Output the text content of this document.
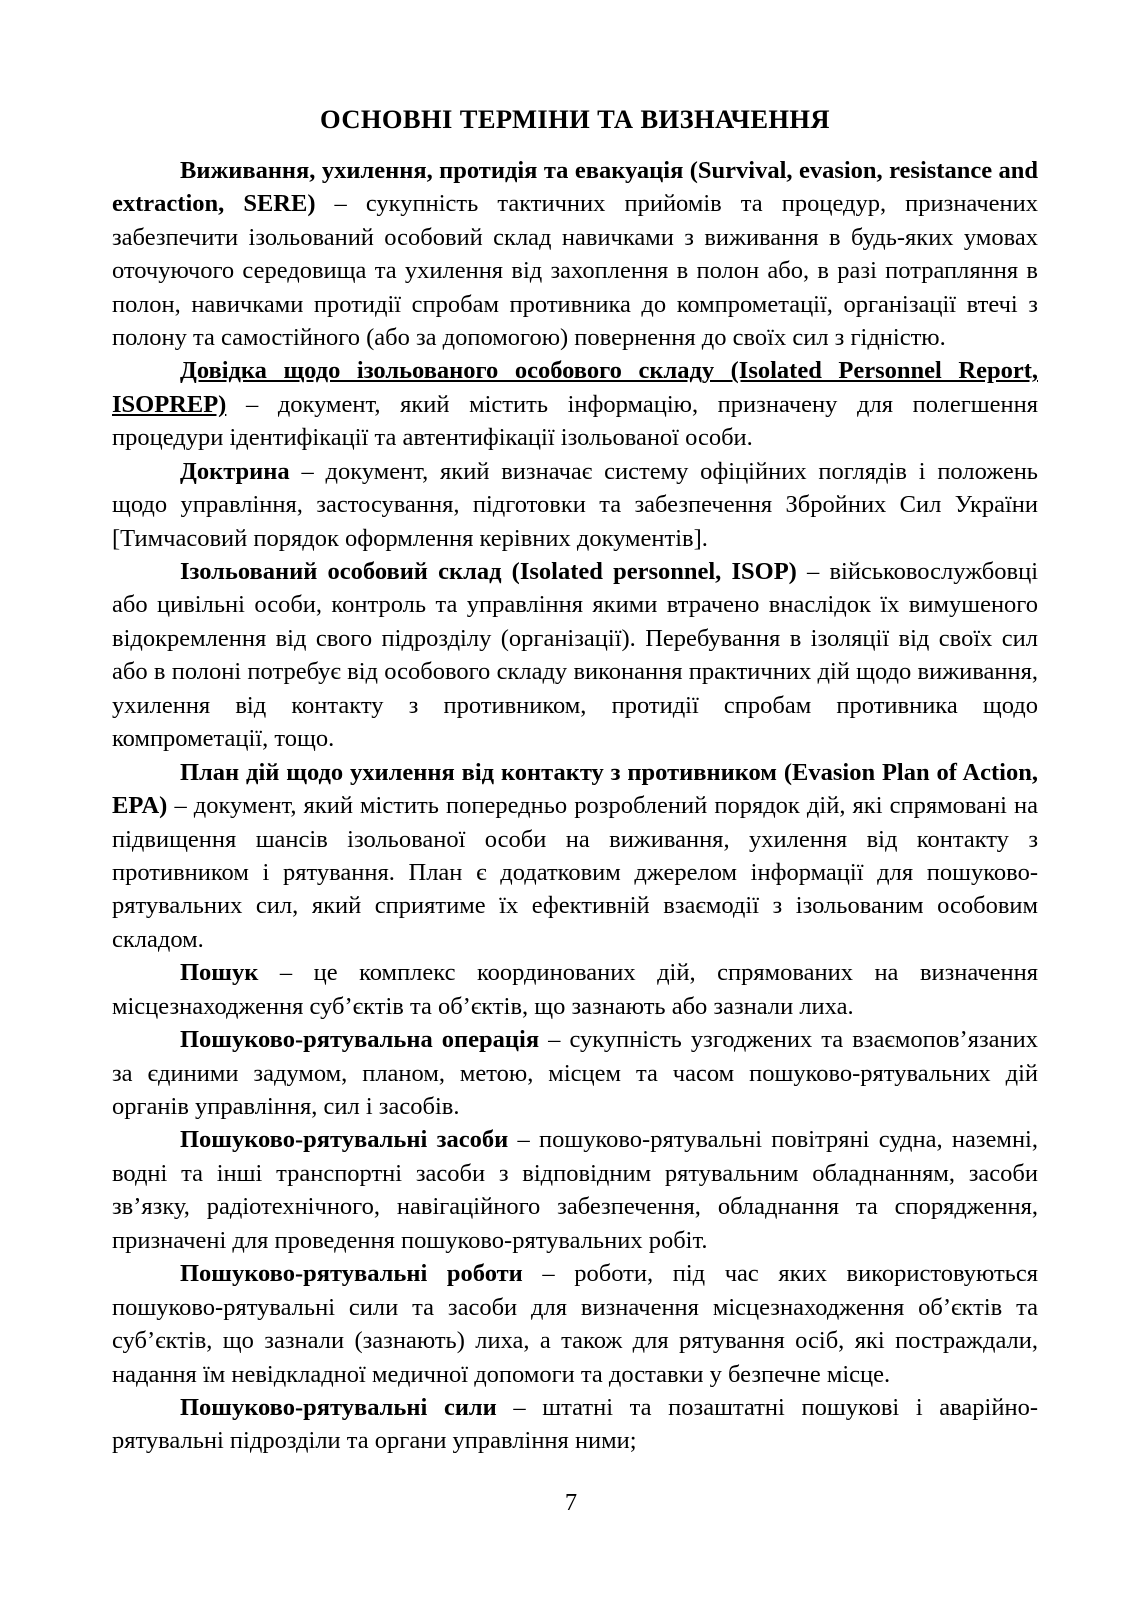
ОСНОВНІ ТЕРМІНИ ТА ВИЗНАЧЕННЯ

Виживання, ухилення, протидія та евакуація (Survival, evasion, resistance and extraction, SERE) – сукупність тактичних прийомів та процедур, призначених забезпечити ізольований особовий склад навичками з виживання в будь-яких умовах оточуючого середовища та ухилення від захоплення в полон або, в разі потрапляння в полон, навичками протидії спробам противника до компрометації, організації втечі з полону та самостійного (або за допомогою) повернення до своїх сил з гідністю.

Довідка щодо ізольованого особового складу (Isolated Personnel Report, ISOPREP) – документ, який містить інформацію, призначену для полегшення процедури ідентифікації та автентифікації ізольованої особи.

Доктрина – документ, який визначає систему офіційних поглядів і положень щодо управління, застосування, підготовки та забезпечення Збройних Сил України [Тимчасовий порядок оформлення керівних документів].

Ізольований особовий склад (Isolated personnel, ISOP) – військовослужбовці або цивільні особи, контроль та управління якими втрачено внаслідок їх вимушеного відокремлення від свого підрозділу (організації). Перебування в ізоляції від своїх сил або в полоні потребує від особового складу виконання практичних дій щодо виживання, ухилення від контакту з противником, протидії спробам противника щодо компрометації, тощо.

План дій щодо ухилення від контакту з противником (Evasion Plan of Action, EPA) – документ, який містить попередньо розроблений порядок дій, які спрямовані на підвищення шансів ізольованої особи на виживання, ухилення від контакту з противником і рятування. План є додатковим джерелом інформації для пошуково-рятувальних сил, який сприятиме їх ефективній взаємодії з ізольованим особовим складом.

Пошук – це комплекс координованих дій, спрямованих на визначення місцезнаходження суб’єктів та об’єктів, що зазнають або зазнали лиха.

Пошуково-рятувальна операція – сукупність узгоджених та взаємопов’язаних за єдиними задумом, планом, метою, місцем та часом пошуково-рятувальних дій органів управління, сил і засобів.

Пошуково-рятувальні засоби – пошуково-рятувальні повітряні судна, наземні, водні та інші транспортні засоби з відповідним рятувальним обладнанням, засоби зв’язку, радіотехнічного, навігаційного забезпечення, обладнання та спорядження, призначені для проведення пошуково-рятувальних робіт.

Пошуково-рятувальні роботи – роботи, під час яких використовуються пошуково-рятувальні сили та засоби для визначення місцезнаходження об’єктів та суб’єктів, що зазнали (зазнають) лиха, а також для рятування осіб, які постраждали, надання їм невідкладної медичної допомоги та доставки у безпечне місце.

Пошуково-рятувальні сили – штатні та позаштатні пошукові і аварійно-рятувальні підрозділи та органи управління ними;

7
